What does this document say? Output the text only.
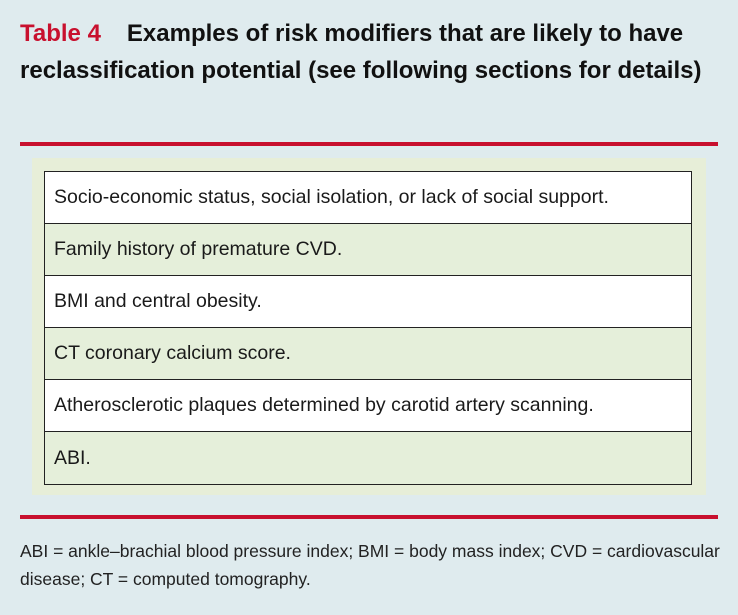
Table 4 Examples of risk modifiers that are likely to have reclassification potential (see following sections for details)
Socio-economic status, social isolation, or lack of social support.
Family history of premature CVD.
BMI and central obesity.
CT coronary calcium score.
Atherosclerotic plaques determined by carotid artery scanning.
ABI.
ABI = ankle–brachial blood pressure index; BMI = body mass index; CVD = cardiovascular disease; CT = computed tomography.
